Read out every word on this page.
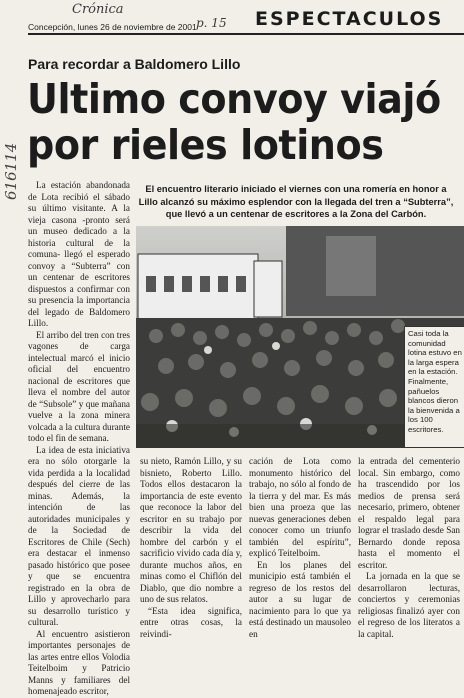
Crónica
p. 15 ESPECTACULOS
Concepción, lunes 26 de noviembre de 2001
616114
Para recordar a Baldomero Lillo
Ultimo convoy viajó
por rieles lotinos

La estación abandonada de Lota recibió el sábado su último visitante. A la vieja casona -pronto será un museo dedicado a la historia cultural de la comuna- llegó el esperado convoy a “Subterra” con un centenar de escritores dispuestos a confirmar con su presencia la importancia del legado de Baldomero Lillo.

El arribo del tren con tres vagones de carga intelectual marcó el inicio oficial del encuentro nacional de escritores que lleva el nombre del autor de “Subsole” y que mañana vuelve a la zona minera volcada a la cultura durante todo el fin de semana.

La idea de esta iniciativa era no sólo otorgarle la vida perdida a la localidad después del cierre de las minas. Además, la intención de las autoridades municipales y de la Sociedad de Escritores de Chile (Sech) era destacar el inmenso pasado histórico que posee y que se encuentra registrado en la obra de Lillo y aprovecharlo para su desarrollo turístico y cultural.

Al encuentro asistieron importantes personajes de las artes entre ellos Volodia Teitelboim y Patricio Manns y familiares del homenajeado escritor,

El encuentro literario iniciado el viernes con una romería en honor a Lillo alcanzó su máximo esplendor con la llegada del tren a “Subterra”, que llevó a un centenar de escritores a la Zona del Carbón.
Casi toda la comunidad lotina estuvo en la larga espera en la estación. Finalmente, pañuelos blancos dieron la bienvenida a los 100 escritores.

su nieto, Ramón Lillo, y su bisnieto, Roberto Lillo. Todos ellos destacaron la importancia de este evento que reconoce la labor del escritor en su trabajo por describir la vida del hombre del carbón y el sacrificio vivido cada día y, durante muchos años, en minas como el Chiflón del Diablo, que dio nombre a uno de sus relatos.

“Esta idea significa, entre otras cosas, la reivindi-

cación de Lota como monumento histórico del trabajo, no sólo al fondo de la tierra y del mar. Es más bien una proeza que las nuevas generaciones deben conocer como un triunfo también del espíritu”, explicó Teitelboim.

En los planes del municipio está también el regreso de los restos del autor a su lugar de nacimiento para lo que ya está destinado un mausoleo en

la entrada del cementerio local. Sin embargo, como ha trascendido por los medios de prensa será necesario, primero, obtener el respaldo legal para lograr el traslado desde San Bernardo donde reposa hasta el momento el escritor.

La jornada en la que se desarrollaron lecturas, conciertos y ceremonias religiosas finalizó ayer con el regreso de los literatos a la capital.
